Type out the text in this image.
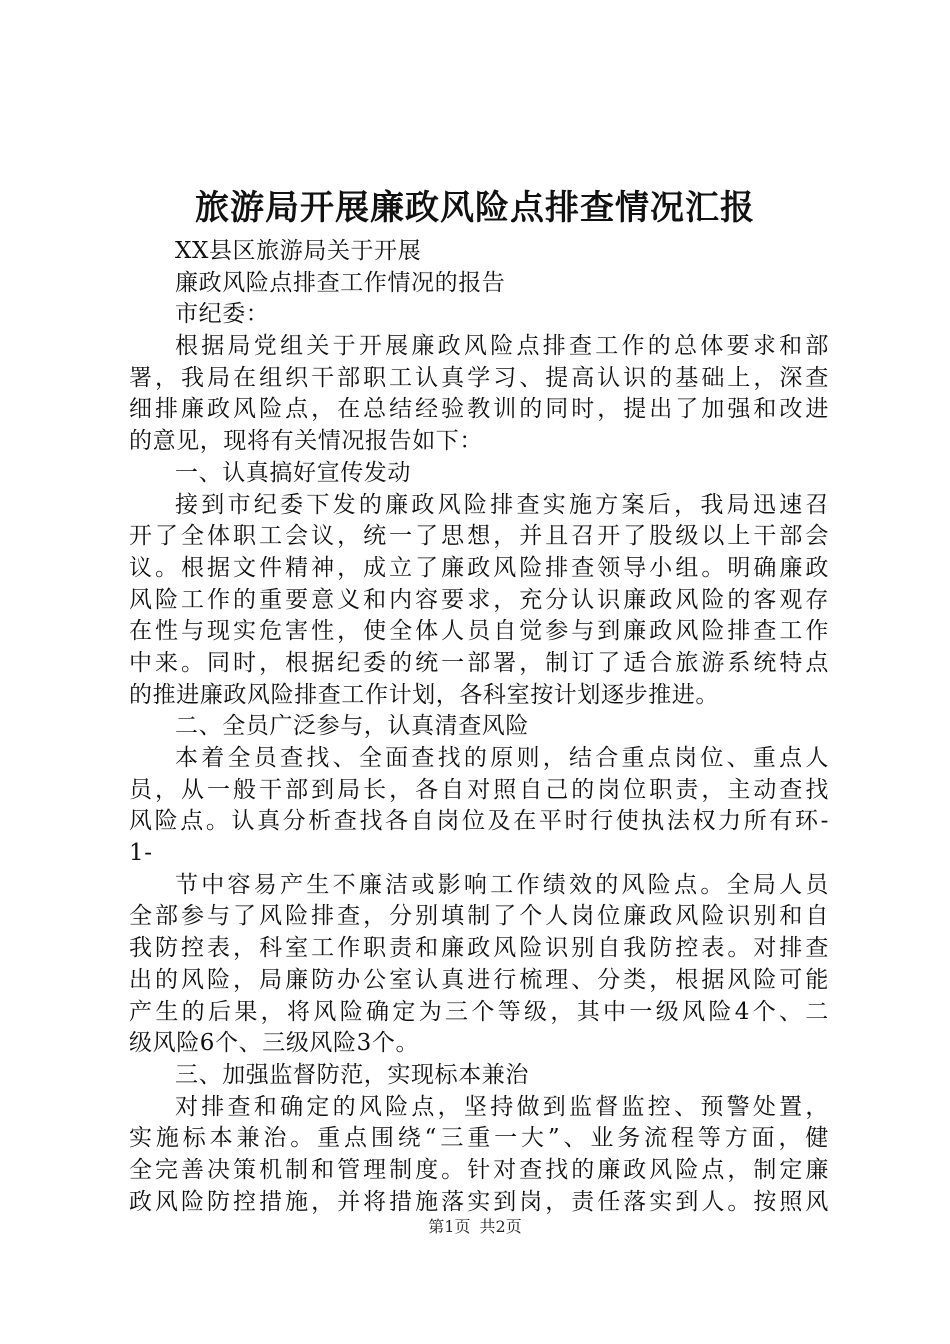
旅游局开展廉政风险点排查情况汇报
XX县区旅游局关于开展
廉政风险点排查工作情况的报告
市纪委：
根据局党组关于开展廉政风险点排查工作的总体要求和部
署，我局在组织干部职工认真学习、提高认识的基础上，深查
细排廉政风险点，在总结经验教训的同时，提出了加强和改进
的意见，现将有关情况报告如下：
一、认真搞好宣传发动
接到市纪委下发的廉政风险排查实施方案后，我局迅速召
开了全体职工会议，统一了思想，并且召开了股级以上干部会
议。根据文件精神，成立了廉政风险排查领导小组。明确廉政
风险工作的重要意义和内容要求，充分认识廉政风险的客观存
在性与现实危害性，使全体人员自觉参与到廉政风险排查工作
中来。同时，根据纪委的统一部署，制订了适合旅游系统特点
的推进廉政风险排查工作计划，各科室按计划逐步推进。
二、全员广泛参与，认真清查风险
本着全员查找、全面查找的原则，结合重点岗位、重点人
员，从一般干部到局长，各自对照自己的岗位职责，主动查找
风险点。认真分析查找各自岗位及在平时行使执法权力所有环-
1-
节中容易产生不廉洁或影响工作绩效的风险点。全局人员
全部参与了风险排查，分别填制了个人岗位廉政风险识别和自
我防控表，科室工作职责和廉政风险识别自我防控表。对排查
出的风险，局廉防办公室认真进行梳理、分类，根据风险可能
产生的后果，将风险确定为三个等级，其中一级风险4个、二
级风险6个、三级风险3个。
三、加强监督防范，实现标本兼治
对排查和确定的风险点，坚持做到监督监控、预警处置，
实施标本兼治。重点围绕“三重一大”、业务流程等方面，健
全完善决策机制和管理制度。针对查找的廉政风险点，制定廉
政风险防控措施，并将措施落实到岗，责任落实到人。按照风
第1页 共2页
